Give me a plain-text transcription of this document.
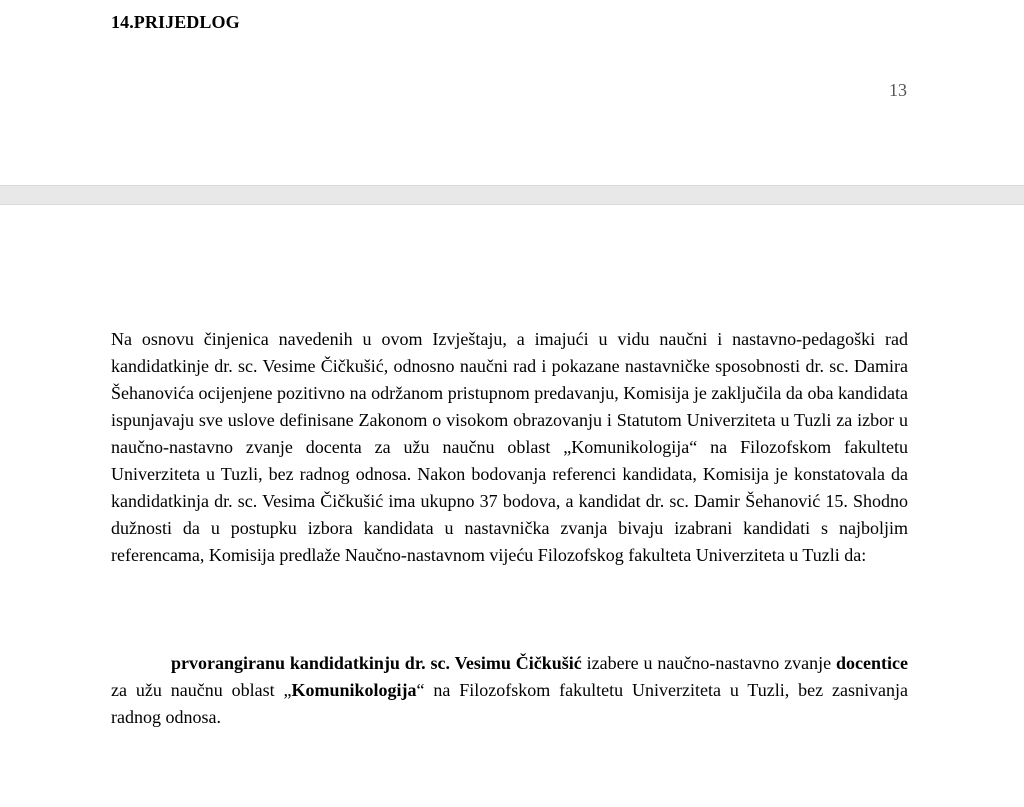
14.PRIJEDLOG
13

Na osnovu činjenica navedenih u ovom Izvještaju, a imajući u vidu naučni i nastavno-pedagoški rad kandidatkinje dr. sc. Vesime Čičkušić, odnosno naučni rad i pokazane nastavničke sposobnosti dr. sc. Damira Šehanovića ocijenjene pozitivno na održanom pristupnom predavanju, Komisija je zaključila da oba kandidata ispunjavaju sve uslove definisane Zakonom o visokom obrazovanju i Statutom Univerziteta u Tuzli za izbor u naučno-nastavno zvanje docenta za užu naučnu oblast „Komunikologija“ na Filozofskom fakultetu Univerziteta u Tuzli, bez radnog odnosa. Nakon bodovanja referenci kandidata, Komisija je konstatovala da kandidatkinja dr. sc. Vesima Čičkušić ima ukupno 37 bodova, a kandidat dr. sc. Damir Šehanović 15. Shodno dužnosti da u postupku izbora kandidata u nastavnička zvanja bivaju izabrani kandidati s najboljim referencama, Komisija predlaže Naučno-nastavnom vijeću Filozofskog fakulteta Univerziteta u Tuzli da:

prvorangiranu kandidatkinju dr. sc. Vesimu Čičkušić izabere u naučno-nastavno zvanje docentice za užu naučnu oblast „Komunikologija“ na Filozofskom fakultetu Univerziteta u Tuzli, bez zasnivanja radnog odnosa.
